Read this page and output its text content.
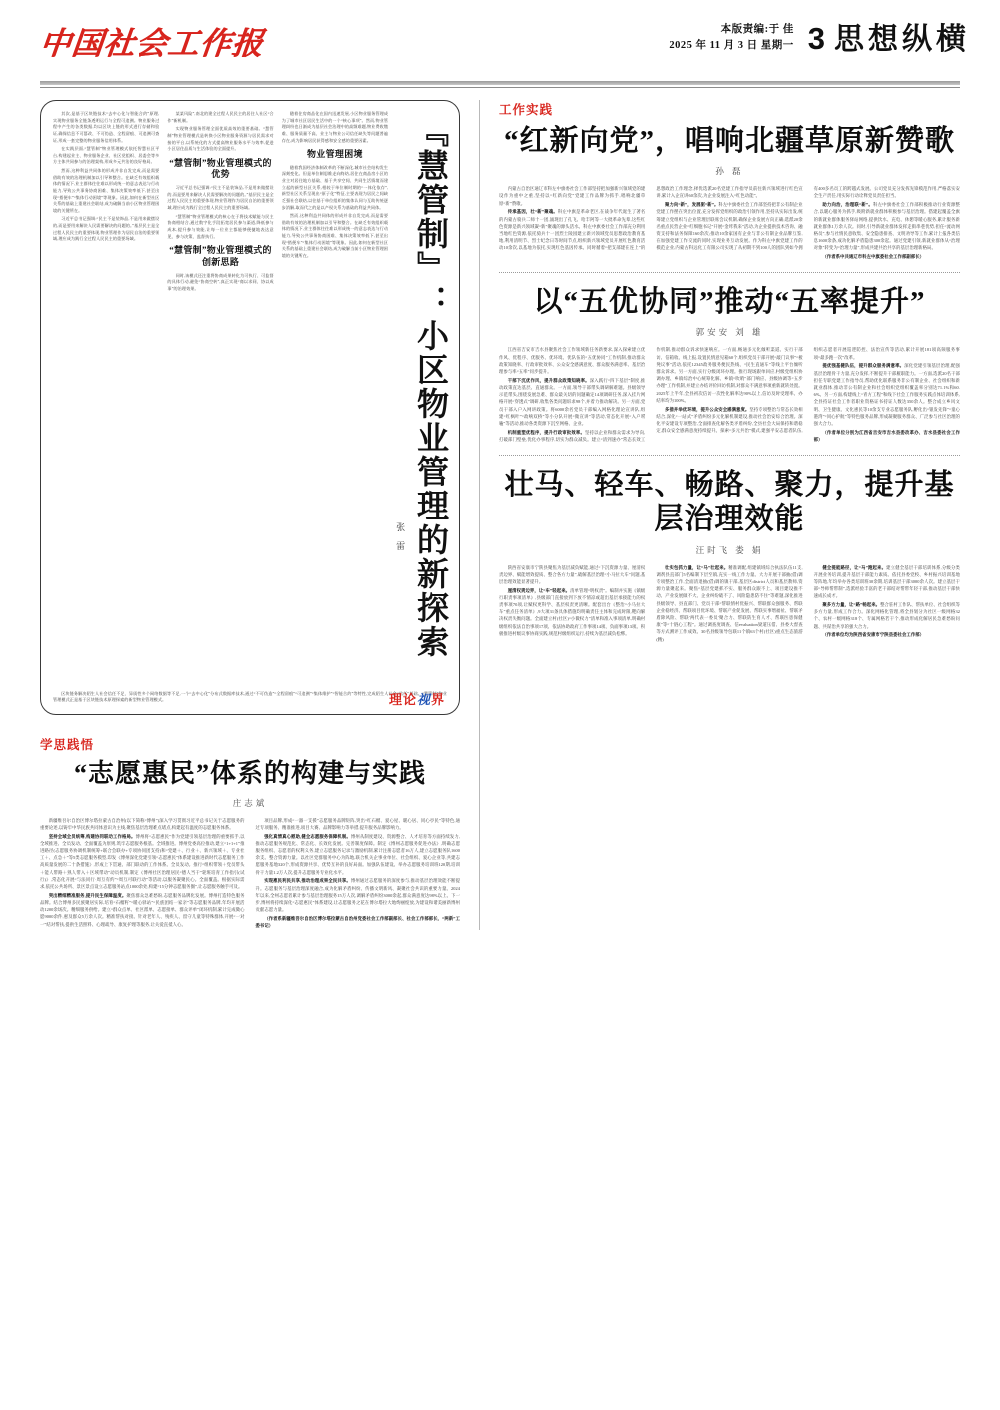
中国社会工作报	本版责编:于 佳
2025 年 11 月 3 日 星期一 3 思想纵横
『慧管制』：小区物业管理的新探索
张 雷

随着住房商品化在国内迅速发展,小区物业服务管理成为了城市社区居民生活中的一个“核心事项”。然而,物业管理纠纷也日渐成为基层社会治理中的高频难题,物业费收缴难、服务质量不高、业主与物业公司信任缺失等问题普遍存在,成为影响居民获得感和安全感的重要因素。

物业管理困境

随着我国经济体制改革的不断深化,城市社会结构发生深刻变化。但是单位制思维走向终结,居住在商品房小区的业主对居住地方基础、基于共享空间、共同生活情境而建立起的新型社区关系,相较于单位制时期的“一体化依存”,新型社区关系呈现出“原子化”特征,主要表现为居民之间缺乏强社会联结,以往基于单位组织的集体认同与互助传统逐步消解,取而代之的是以产权关系为基础的利益共同体。

然而,这种利益共同体的形成并非自发完成,而是需要借助有效的治理机制加以引导和整合。在缺乏有效组织载体的情况下,业主群体往往难以形成统一的意志表达与行动能力,导致公共事务协商困难、集体决策效率低下,甚至出现“搭便车”“集体行动困境”等现象。因此,如何在新型社区关系的基础上重建社会联结,成为破解当前小区物业管理困境的关键所在。

某某风险”,南北的建全过程人民民主的居住人社区“合作”新机制。

实现物业服务管理全面优质高效的重要基础。“慧管制”物业管理模式是转换小区物业服务资源与居民需求对接的平台,以系统化的方式提高物业服务水平与效率,促进小区居住品质与生活体验的全面提升。

“慧管制”物业管理模式的优势

习近平总书记强调:“民主不是装饰品,不是用来做摆设的,而是要用来解决人民需要解决的问题的。”基层民主是全过程人民民主的重要体现,物业管理作为居民自治的重要领域,理应成为践行全过程人民民主的重要场域。

“慧管制”物业管理模式的核心在于将技术赋能与民主协商相结合,通过数字化手段拓宽居民参与渠道,降低参与成本,提升参与效能,让每一位业主都能够便捷地表达意见、参与决策、监督执行。

“慧管制”物业管理模式的创新思路

同时,该模式还注重将协商成果转化为可执行、可监督的具体行动,避免“协商空转”,真正实现“商以求同、协以成事”的治理效果。

其次,是基于区块链技术“去中心化与智能合约”原理,实现物业服务全链条透明运行与全程可追溯。物业服务过程中产生的各类数据,均以区块上链的形式进行存储和验证,确保信息不可篡改、不可伪造、全程留痕、可追溯可查证,形成一套完整的物业服务信用体系。

在实践层面,“慧管制”物业管理模式依托智慧社区平台,构建起业主、物业服务企业、社区党组织、居委会等多方主体共同参与的治理架构,形成多元共治的良好格局。

然而,这种利益共同体的形成并非自发完成,而是需要借助有效的治理机制加以引导和整合。在缺乏有效组织载体的情况下,业主群体往往难以形成统一的意志表达与行动能力,导致公共事务协商困难、集体决策效率低下,甚至出现“搭便车”“集体行动困境”等现象。因此,如何在新型社区关系的基础上重建社会联结,成为破解当前小区物业管理困境的关键所在。

习近平总书记强调:“民主不是装饰品,不是用来做摆设的,而是要用来解决人民需要解决的问题的。”基层民主是全过程人民民主的重要体现,物业管理作为居民自治的重要领域,理应成为践行全过程人民民主的重要场域。

区块链务解决陌生人社会信任不足、异质性多个网络数据等不足,一个“去中心化”分布式数据库技术,通过“不可伪造”“全程留痕”“可追溯”“集体维护”“智能合约”等特性,完成陌生人社会“信任”基础。“慧管制”物业管理模式正是基于区块链技术原理探索的新型物业管理模式。	理论视界
学思践悟
“志愿惠民”体系的构建与实践
庄志斌

新疆维吾尔自治区博尔塔拉蒙古自治州(以下简称“博州”)深入学习贯彻习近平总书记关于志愿服务的重要论述,以铸牢中华民族共同体意识为主线,聚焦基层治理难点堵点,构建起有温度的志愿服务体系。

坚持全域全员统筹,构建协同联动工作格局。博州将“志愿惠民”作为党建引领基层治理的重要抓手,以全域推进、全员发动、全面覆盖为原则,筑牢志愿服务根基。全域推进。博州党委高位推动,建立“1+1+1”推进路径(志愿服务协调机制统筹+联合会联办+专项协同团支持)和“党建＋、行业＋、新兴领域＋、专业社工＋、点急＋”等5类志愿服务模型,印发《博州深化党建引领“志愿惠民”体系建设推进新时代志愿服务工作高质量发展的二十条措施》,形成上下贯通、部门联动的工作体系。全员发动。推行“组织带领＋党员带头＋能人带路＋熟人带入＋区域带动”动员机制,制定《博州社区治理居民“德人当干”轮班培育工作指引(试行)》,常态化开展“与法同行·周互有约”“周互可联行动”等活动,以服务凝聚民心。全面覆盖。根据实际需求,依托公共场所、景区景点设立志愿服务站点1000余处,构建“15分钟志愿服务圈”,让志愿服务触手可及。

突出精细精准服务,提升民生保障温度。聚焦群众急难愁盼,志愿服务品牌化发展。博州打造特色服务品牌。结合博州多民族聚居实际,培育“石榴籽”“暖心驿站”“民族团结一家亲”等志愿服务品牌,年均开展活动1200余场次。精细服务供给。建立“群众点单、社区派单、志愿接单、群众评单”闭环机制,累计完成微心愿9000余件,惠及群众5万余人次。精准帮扶对接。针对老年人、残疾人、留守儿童等特殊群体,开展“一对一”结对帮扶,提供生活照料、心理疏导、康复护理等服务,让关爱直抵人心。

项目品牌,形成“一器一支援”志愿服务品牌矩阵,突出“红石榴、爱心屋、暖心居、同心亭民”等特色,通过专项服务、精准推进,项目大赛、品牌影响力等举措,提升服务品牌影响力。

强化真情真心慰助,健全志愿服务保障机制。博州从制度建设、资源整合、人才培育等方面持续发力,推动志愿服务规范化、常态化、长效化发展。完善制度保障。制定《博州志愿服务促进办法》,明确志愿服务组织、志愿者的权利义务,建立志愿服务记录与激励机制,累计注册志愿者16万人,建立志愿服务队1600余支。整合资源力量。以社区党群服务中心为阵地,联合机关企事业单位、社会组织、爱心企业等,共建志愿服务基地320个,形成资源共享、优势互补的良好局面。加强队伍建设。举办志愿服务培训班120期,培训骨干力量1.2万人次,提升志愿服务专业化水平。

实现惠民利民共享,推动治理成果全民共享。博州通过志愿服务的深度参与,推动基层治理效能不断提升。志愿服务与基层治理深度融合,成为化解矛盾纠纷、传播文明新风、凝聚社会共识的重要力量。2024年以来,全州志愿者累计参与基层治理服务15万人次,调解矛盾纠纷3000余起,群众满意度达98%以上。下一步,博州将持续深化“志愿惠民”体系建设,让志愿服务之花在博尔塔拉大地绚丽绽放,为建设和谐美丽新博州贡献志愿力量。

（作者系新疆维吾尔自治区博尔塔拉蒙古自治州党委社会工作部副部长、社会工作部部长、“两新”工委书记）

工作实践
“红新向党”，唱响北疆草原新赞歌
孙 磊

内蒙古自治区通辽市科左中旗委社会工作部坚持把加强新兴领域党的建设作为重中之重,坚持以“红新向党”党建工作品牌为抓手,唱响北疆草原“新”赞歌。

传承基因，壮“新”聚魂。科左中旗是革命老区,在战争年代诞生了著名的内蒙古骑兵二师十一团,涌现出了孔飞、哈丰阿等一大批革命先辈,这些红色资源是新兴领域凝“新”聚魂的源头活水。科左中旗委社会工作部充分利用当地红色资源,依托骑兵十一团烈士陵园建立新兴领域党员思想政治教育基地,利用清明节、烈士纪念日等时间节点,组织新兴领域党员开展红色教育活动10余次,以基地为依托,实现红色基因传承。同时循着“把支部建在连上”的思想政治工作理念,择优选派20名党建工作指导员前往新兴领域进行红色宣讲,累计入企宣讲60余次,为企业发展注入“红色动能”。

聚力向“新”，发展驱“新”。科左中旗委社会工作部坚持把非公有制企业党建工作摆在突出位置,充分发挥党组织的政治引领作用,坚持从实际出发,统筹建立党组织与企业管理层联席会议机制,确保企业发展方向正确;选派20余名重点民营企业“红细胞书记”开展“金咔我来”活动,为企业提供技术咨询、融资支持和法务保障160余次;推动10余家国有企业与非公有制企业品牌互鉴,在加强党建工作交流的同时,实现业务互动发展。作为科左中旗党建工作的模范企业,内蒙古科远化工有限公司实现了从初期不到100人的团队到如今拥有400多名员工的跨越式发展。公司党员充分发挥先锋模范作用,严格落实安全生产责任,用实际行动诠释党员责任担当。

助力向治，治理联“新”。科左中旗委社会工作部积极推动行业资源整合,以暖心服务为抓手,吸附新就业群体积极参与基层治理。搭建起覆盖全旗的新就业群体服务驿站网络,提供饮水、充电、休憩等暖心服务,累计服务新就业群体1万余人次。同时,引导新就业群体发挥走街串巷优势,担任“流动网格员”,参与社情民意收集、安全隐患排查、文明劝导等工作,累计上报各类信息1600余条,成功化解矛盾隐患300余起。通过党建引领,新就业群体从“治理对象”转变为“治理力量”,形成共建共治共享的基层治理新格局。

（作者系中共通辽市科左中旗委社会工作部副部长）

以“五优协同”推动“五率提升”
郭安安 刘 雄

江西省吉安市吉水县聚焦社会工作领域新任务新要求,深入探索建立优作风、优程序、优服务、优环境、优队伍的“五优协同”工作机制,推动群众政策知晓率、行政审批效率、公众安全感满意度、群众服务满意率、基层治理参与率“五率”同步提升。

干部下沉优作风，提升群众政策知晓率。深入践行“四下基层”制度,推动政策直达基层、直通群众。一方面,领导干部带头调研解难题。县级领导示范带头,围绕发展急难、群众最关切的问题确定14项调研任务,深入挂片网格开展“穿透式”调研,收集各类问题诉求98个,并着力推动解决。另一方面,党员干部入户入网讲政策。将6000余名党员干部编入网格化理论宣讲队,组建“红枫叶”“政响双桥”等小分队开展“微宣讲”等活动,常态化开展“入户唠嗑”等活动,推动各类资源下沉至网格、企业。

机制重塑优程序，提升行政审批效率。坚持以企业和群众需求为导向,打破部门壁垒,优化办事程序,切实为群众减负。建立“清到速办”常态长效工作机制,推动群众诉求快速响应。一方面,畅通多元化倾听渠道。实行干部访、信箱收、线上报,设置民情意见箱60个,组织党员干部开展“敲门议事”“板凳议事”活动,依托12345政务服务便民热线、“民生直通车”等线上平台倾听群众诉求。另一方面,实行分级闭环办理。推行现场跟单回应,村级党组织协调办理、乡镇综治中心统筹化解、乡镇“吹哨”部门响应、县级协调等“五步办理”工作机制,并建立办结评价回访机制,对群众不满意事项重新就转处置。2025年上半年,全县初次信访一次性化解率达90%以上,信访及时受理率、办结率均为100%。

多措并举优环境，提升公众安全感满意度。坚持专项整治与常态长效相结合,深化“一站式”矛盾纠纷多元化解机制建设,推动社会治安综合治理。深化平安建设专项整治,全面排查化解各类矛盾纠纷,全县社会大局保持和谐稳定,群众安全感满意度持续提升。探索“多元共治”模式,建强平安志愿者队伍,组织志愿者开展巡逻防控、法治宣传等活动,累计开展181项高频服务事项“最多跑一次”改革。

提优强基健队伍，提升群众服务满意率。深化党建引领基层治理,配强基层治理骨干力量,充分发挥,不断提升干部履职能力。一方面,选派20名干部担任专职党建工作指导员,帮助优化联系服务非公有制企业、社会组织和新就业群体,推动非公有制企业和社会组织党组织覆盖率分别达71.1%和60.6%。另一方面,构建线上“青方工程”和线下社会工作服务实践点体培训体系,全县持证社会工作者职业资格证书持证人数达350余人。整合成立乡风文明、卫生健康、文化惠民等10余支专业志愿服务队,孵化出“银发先锋”“童心港湾”“同心护航”等特色服务品牌,形成凝聚服务群众、广泛参与社区治理的强大合力。

（作者单位分别为江西省吉安市吉水县委改革办、吉水县委社会工作部）

壮马、轻车、畅路、聚力，提升基层治理效能
汪时飞 娄 娟

陕西省安康市宁陕县聚焦为基层减负赋能,通过“下沉资源力量、厘清权责边界、赋能增效提质、整合各方力量”,破解基层治理“小马拉大车”问题,基层治理效能显著提升。

厘清权责边界，让“车”轻起来。清单管理“明权责”。编制并实施《镇级行职责事项清单》,县级部门直接放到下放不情凉或超出基层承接能力的权责事项70项,让赋权更科学、基层权责更清晰。配套出台《整治“小马拉大车”重点任务清单》,9大项31条具体措施均明确责任主体和完成时限,靶向解决权责失衡问题。全面建立村(社区)“小微权力”清单和准入事项清单,明确村级组织依法自治事项17项、依法协助政府工作事项14项、负面事项13项。积极推进村级议事协商实践,规范村级组织运行,持续为基层减负松绑。

壮实包抓力量，让“马”壮起来。精准调配,组建镇域综合执法队伍11支,调剂县直部门5名编制下层至镇,充实一线工作力量。大力开展干部抽(借)调专项整治工作,全面清退抽(借)调的镇干部,基层区district人员和基层教师,资源力量聚起来。聚焦“基层党建抓不实、服务群众跟不上、项目建设推不动、产业发展做不大、企业纠纷破不了、风险隐患防不住”等难题,深化推进县级领导、县直部门、党员干部“帮联情村优振兴、帮联群众强服务、帮联企业稳经济、帮联项目优环境、帮联产业促发展、帮联实事增福祉、帮联矛盾除风险、帮联'两代表一委员'聚合力、帮联防生育人才、帮联医患保健康”等“十链心工程”。通过调查度调查、信evaluation梁道压借、县委大督查等方式测评工作成效。30名县级领导包联11个镇63个村(社区)重点生态旅游(精)

健全提能路径，让“马”跑起来。建立健全基层干部培训体系,分级分类开展业务培训,提升基层干部能力素质。依托县委党校、乡村振兴培训基地等阵地,年均举办各类培训班30余期,培训基层干部3000余人次。建立基层干部“导师帮带制”,选派经验丰富的老干部结对帮带年轻干部,推动基层干部快速成长成才。

聚多方力量，让“路”畅起来。整合驻村工作队、帮扶单位、社会组织等多方力量,形成工作合力。深化网格化管理,将全县划分为社区一级网格32个、农村一级网格318个、专属网格若干个,推动形成化解居民急难愁盼问题、共谋治共享的强大合力。

（作者单位均为陕西省安康市宁陕县委社会工作部）
